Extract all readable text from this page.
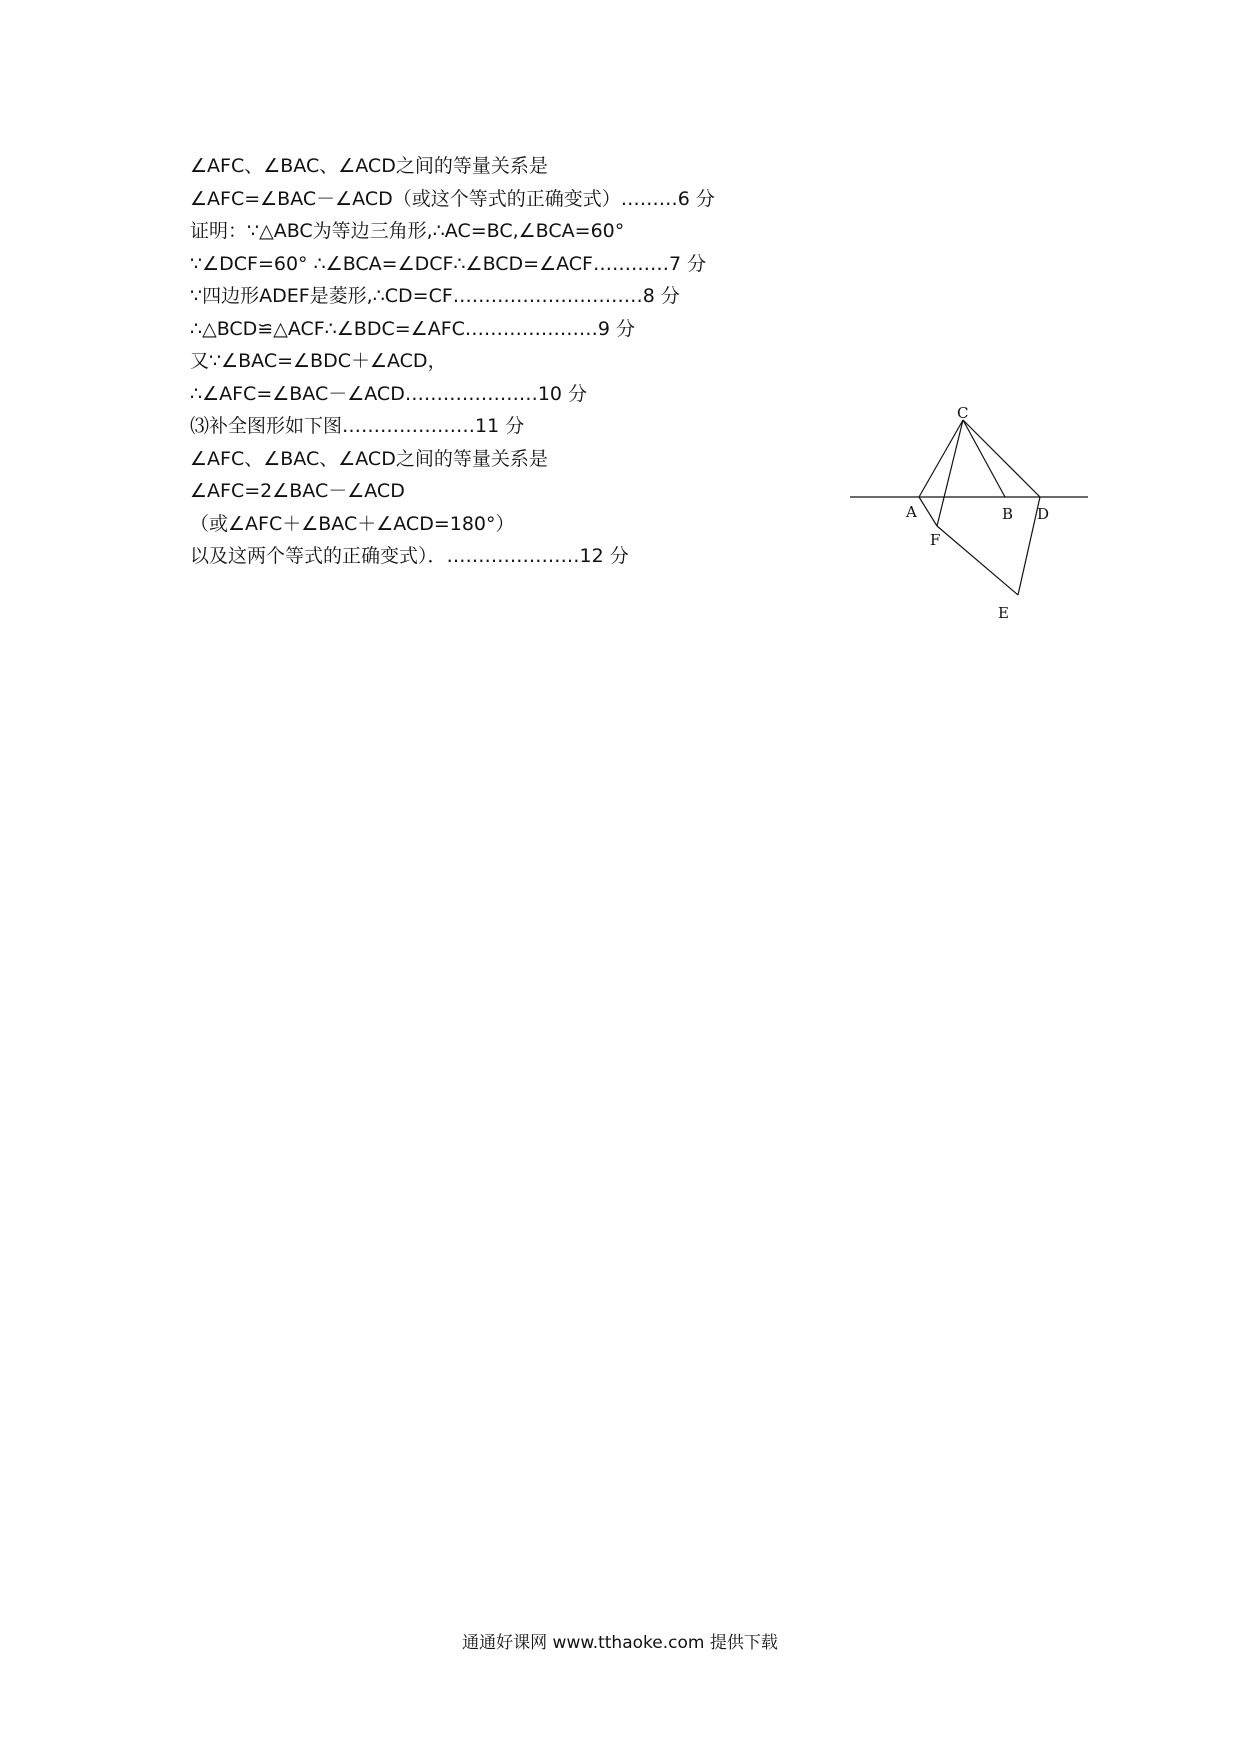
∠AFC、∠BAC、∠ACD之间的等量关系是
∠AFC=∠BAC－∠ACD（或这个等式的正确变式）………6 分
证明：∵△ABC为等边三角形,∴AC=BC,∠BCA=60°
∵∠DCF=60° ∴∠BCA=∠DCF∴∠BCD=∠ACF…………7 分
∵四边形ADEF是菱形,∴CD=CF…………………………8 分
∴△BCD≌△ACF∴∠BDC=∠AFC…………………9 分
又∵∠BAC=∠BDC＋∠ACD，
∴∠AFC=∠BAC－∠ACD…………………10 分
⑶补全图形如下图…………………11 分
∠AFC、∠BAC、∠ACD之间的等量关系是
∠AFC=2∠BAC－∠ACD
（或∠AFC＋∠BAC＋∠ACD=180°）
以及这两个等式的正确变式）．…………………12 分
C
A	B D
F
E
通通好课网 www.tthaoke.com 提供下载
